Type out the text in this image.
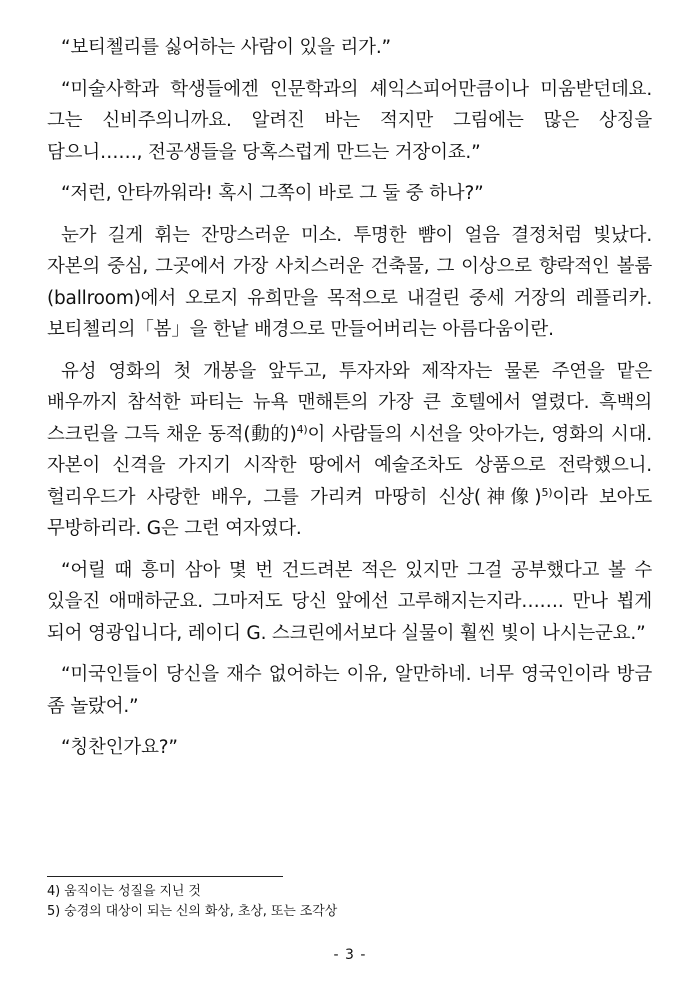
“보티첼리를 싫어하는 사람이 있을 리가.”

“미술사학과 학생들에겐 인문학과의 셰익스피어만큼이나 미움받던데요. 그는 신비주의니까요. 알려진 바는 적지만 그림에는 많은 상징을 담으니……, 전공생들을 당혹스럽게 만드는 거장이죠.”

“저런, 안타까워라! 혹시 그쪽이 바로 그 둘 중 하나?”

눈가 길게 휘는 잔망스러운 미소. 투명한 뺨이 얼음 결정처럼 빛났다. 자본의 중심, 그곳에서 가장 사치스러운 건축물, 그 이상으로 향락적인 볼룸(ballroom)에서 오로지 유희만을 목적으로 내걸린 중세 거장의 레플리카. 보티첼리의「봄」을 한낱 배경으로 만들어버리는 아름다움이란.

유성 영화의 첫 개봉을 앞두고, 투자자와 제작자는 물론 주연을 맡은 배우까지 참석한 파티는 뉴욕 맨해튼의 가장 큰 호텔에서 열렸다. 흑백의 스크린을 그득 채운 동적(動的)$^{4)}$이 사람들의 시선을 앗아가는, 영화의 시대. 자본이 신격을 가지기 시작한 땅에서 예술조차도 상품으로 전락했으니. 헐리우드가 사랑한 배우, 그를 가리켜 마땅히 신상(神像)$^{5)}$이라 보아도 무방하리라. G은 그런 여자였다.

“어릴 때 흥미 삼아 몇 번 건드려본 적은 있지만 그걸 공부했다고 볼 수 있을진 애매하군요. 그마저도 당신 앞에선 고루해지는지라……. 만나 뵙게 되어 영광입니다, 레이디 G. 스크린에서보다 실물이 훨씬 빛이 나시는군요.”

“미국인들이 당신을 재수 없어하는 이유, 알만하네. 너무 영국인이라 방금 좀 놀랐어.”

“칭찬인가요?”

4) 움직이는 성질을 지닌 것
5) 숭경의 대상이 되는 신의 화상, 초상, 또는 조각상
- 3 -
